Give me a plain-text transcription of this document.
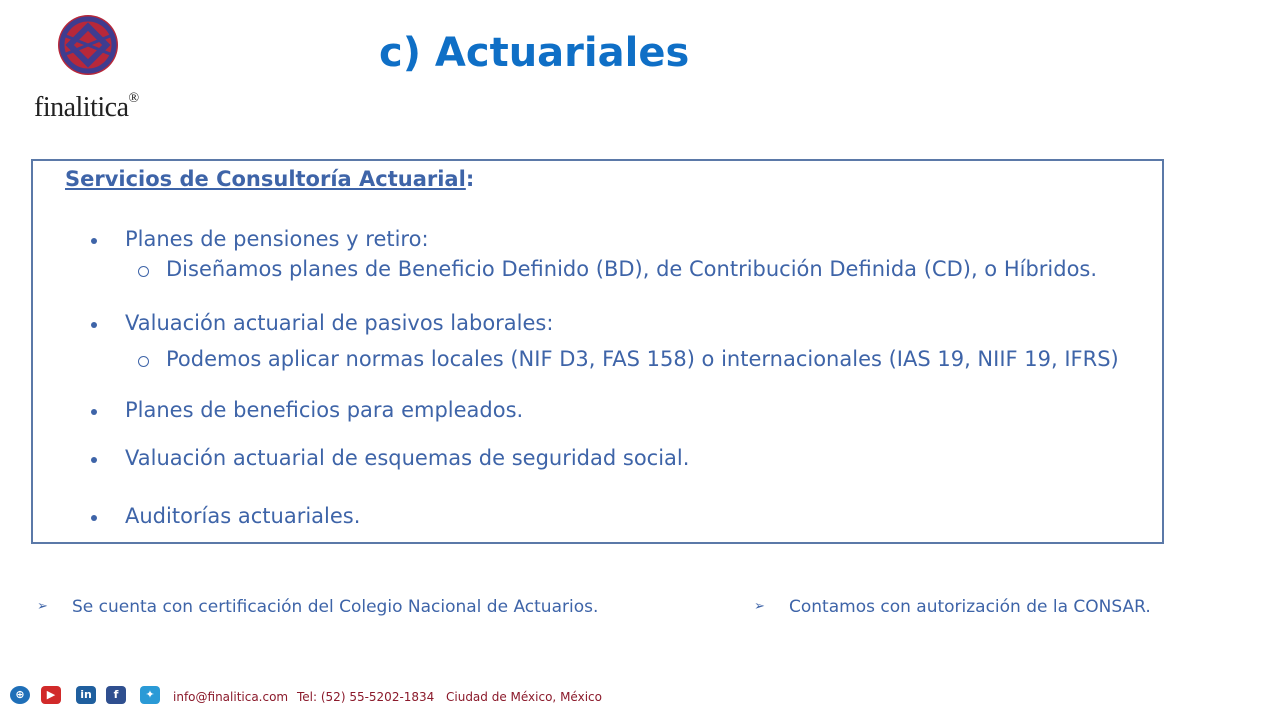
finalitica®
c) Actuariales
Servicios de Consultoría Actuarial:
Planes de pensiones y retiro:
Diseñamos planes de Beneficio Definido (BD), de Contribución Definida (CD), o Híbridos.
Valuación actuarial de pasivos laborales:
Podemos aplicar normas locales (NIF D3, FAS 158) o internacionales (IAS 19, NIIF 19, IFRS)
Planes de beneficios para empleados.
Valuación actuarial de esquemas de seguridad social.
Auditorías actuariales.
➢ Se cuenta con certificación del Colegio Nacional de Actuarios.	➢ Contamos con autorización de la CONSAR.
⊕	▶	in	f	✦	info@finalitica.com Tel: (52) 55-5202-1834 Ciudad de México, México
